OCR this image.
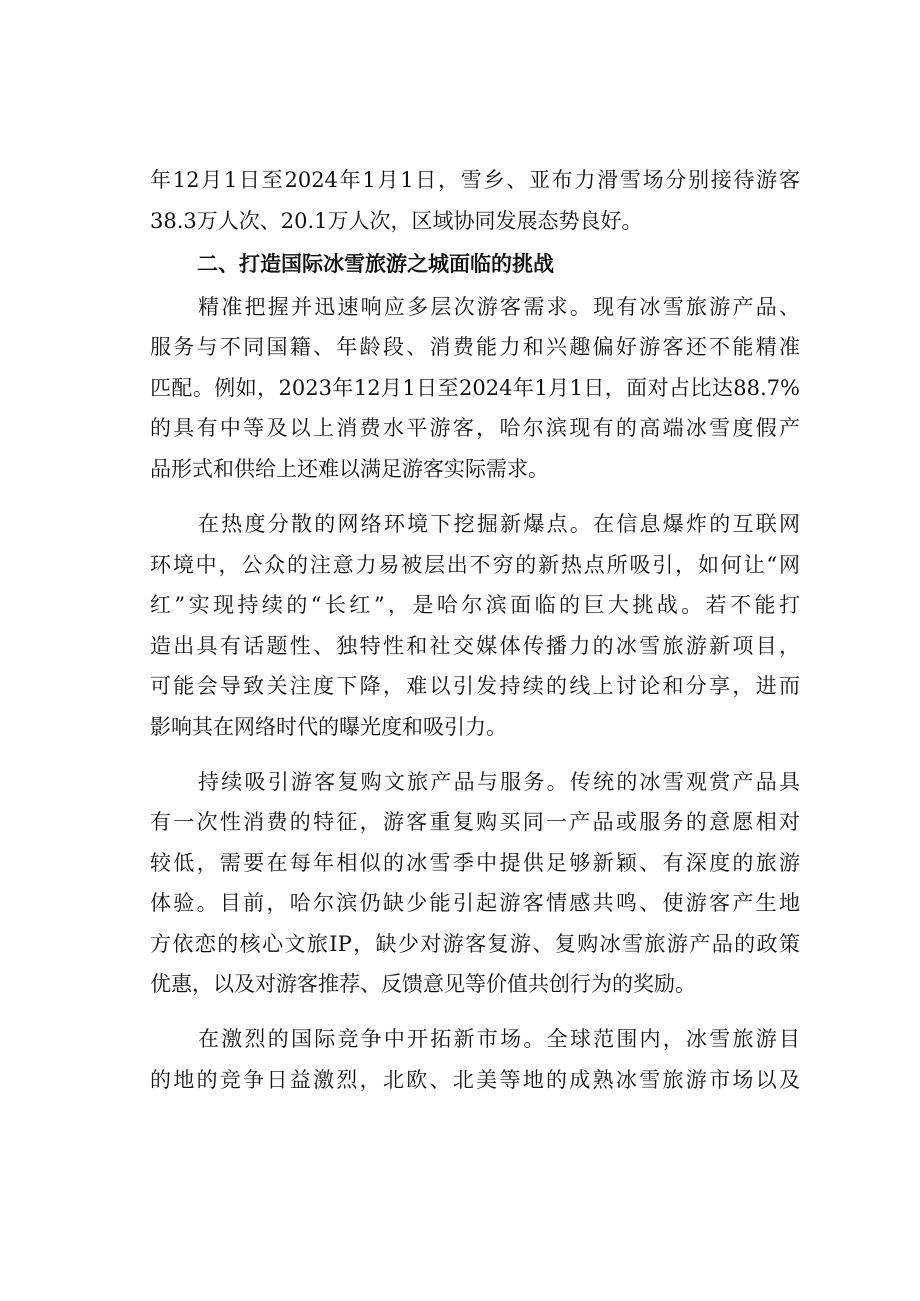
年12月1日至2024年1月1日，雪乡、亚布力滑雪场分别接待游客
38.3万人次、20.1万人次，区域协同发展态势良好。
二、打造国际冰雪旅游之城面临的挑战
精准把握并迅速响应多层次游客需求。现有冰雪旅游产品、
服务与不同国籍、年龄段、消费能力和兴趣偏好游客还不能精准
匹配。例如，2023年12月1日至2024年1月1日，面对占比达88.7%
的具有中等及以上消费水平游客，哈尔滨现有的高端冰雪度假产
品形式和供给上还难以满足游客实际需求。
在热度分散的网络环境下挖掘新爆点。在信息爆炸的互联网
环境中，公众的注意力易被层出不穷的新热点所吸引，如何让“网
红”实现持续的“长红”，是哈尔滨面临的巨大挑战。若不能打
造出具有话题性、独特性和社交媒体传播力的冰雪旅游新项目，
可能会导致关注度下降，难以引发持续的线上讨论和分享，进而
影响其在网络时代的曝光度和吸引力。
持续吸引游客复购文旅产品与服务。传统的冰雪观赏产品具
有一次性消费的特征，游客重复购买同一产品或服务的意愿相对
较低，需要在每年相似的冰雪季中提供足够新颖、有深度的旅游
体验。目前，哈尔滨仍缺少能引起游客情感共鸣、使游客产生地
方依恋的核心文旅IP，缺少对游客复游、复购冰雪旅游产品的政策
优惠，以及对游客推荐、反馈意见等价值共创行为的奖励。
在激烈的国际竞争中开拓新市场。全球范围内，冰雪旅游目
的地的竞争日益激烈，北欧、北美等地的成熟冰雪旅游市场以及
